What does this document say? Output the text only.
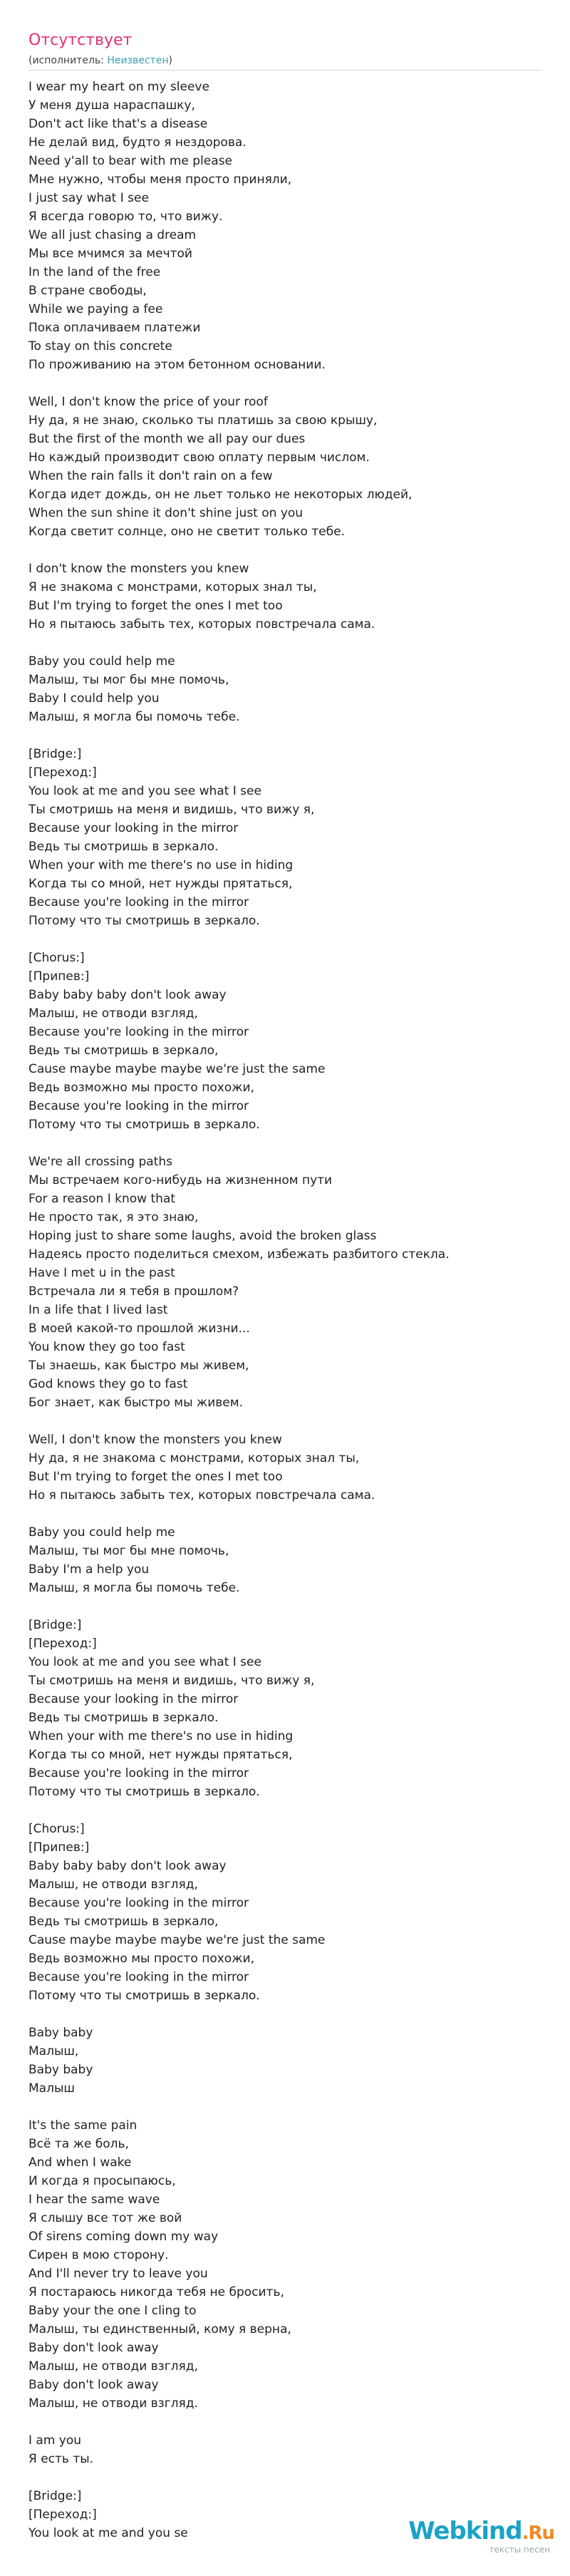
Отсутствует
(исполнитель: Неизвестен)
I wear my heart on my sleeve
У меня душа нараспашку,
Don't act like that's a disease
Не делай вид, будто я нездорова.
Need y'all to bear with me please
Мне нужно, чтобы меня просто приняли,
I just say what I see
Я всегда говорю то, что вижу.
We all just chasing a dream
Мы все мчимся за мечтой
In the land of the free
В стране свободы,
While we paying a fee
Пока оплачиваем платежи
To stay on this concrete
По проживанию на этом бетонном основании.
Well, I don't know the price of your roof
Ну да, я не знаю, сколько ты платишь за свою крышу,
But the first of the month we all pay our dues
Но каждый производит свою оплату первым числом.
When the rain falls it don't rain on a few
Когда идет дождь, он не льет только не некоторых людей,
When the sun shine it don't shine just on you
Когда светит солнце, оно не светит только тебе.
I don't know the monsters you knew
Я не знакома с монстрами, которых знал ты,
But I'm trying to forget the ones I met too
Но я пытаюсь забыть тех, которых повстречала сама.
Baby you could help me
Малыш, ты мог бы мне помочь,
Baby I could help you
Малыш, я могла бы помочь тебе.
[Bridge:]
[Переход:]
You look at me and you see what I see
Ты смотришь на меня и видишь, что вижу я,
Because your looking in the mirror
Ведь ты смотришь в зеркало.
When your with me there's no use in hiding
Когда ты со мной, нет нужды прятаться,
Because you're looking in the mirror
Потому что ты смотришь в зеркало.
[Chorus:]
[Припев:]
Baby baby baby don't look away
Малыш, не отводи взгляд,
Because you're looking in the mirror
Ведь ты смотришь в зеркало,
Cause maybe maybe maybe we're just the same
Ведь возможно мы просто похожи,
Because you're looking in the mirror
Потому что ты смотришь в зеркало.
We're all crossing paths
Мы встречаем кого-нибудь на жизненном пути
For a reason I know that
Не просто так, я это знаю,
Hoping just to share some laughs, avoid the broken glass
Надеясь просто поделиться смехом, избежать разбитого стекла.
Have I met u in the past
Встречала ли я тебя в прошлом?
In a life that I lived last
В моей какой-то прошлой жизни...
You know they go too fast
Ты знаешь, как быстро мы живем,
God knows they go to fast
Бог знает, как быстро мы живем.
Well, I don't know the monsters you knew
Ну да, я не знакома с монстрами, которых знал ты,
But I'm trying to forget the ones I met too
Но я пытаюсь забыть тех, которых повстречала сама.
Baby you could help me
Малыш, ты мог бы мне помочь,
Baby I'm a help you
Малыш, я могла бы помочь тебе.
[Bridge:]
[Переход:]
You look at me and you see what I see
Ты смотришь на меня и видишь, что вижу я,
Because your looking in the mirror
Ведь ты смотришь в зеркало.
When your with me there's no use in hiding
Когда ты со мной, нет нужды прятаться,
Because you're looking in the mirror
Потому что ты смотришь в зеркало.
[Chorus:]
[Припев:]
Baby baby baby don't look away
Малыш, не отводи взгляд,
Because you're looking in the mirror
Ведь ты смотришь в зеркало,
Cause maybe maybe maybe we're just the same
Ведь возможно мы просто похожи,
Because you're looking in the mirror
Потому что ты смотришь в зеркало.
Baby baby
Малыш,
Baby baby
Малыш
It's the same pain
Всё та же боль,
And when I wake
И когда я просыпаюсь,
I hear the same wave
Я слышу все тот же вой
Of sirens coming down my way
Сирен в мою сторону.
And I'll never try to leave you
Я постараюсь никогда тебя не бросить,
Baby your the one I cling to
Малыш, ты единственный, кому я верна,
Baby don't look away
Малыш, не отводи взгляд,
Baby don't look away
Малыш, не отводи взгляд.
I am you
Я есть ты.
[Bridge:]
[Переход:]
You look at me and you se	Webkind.Ru
тексты песен
